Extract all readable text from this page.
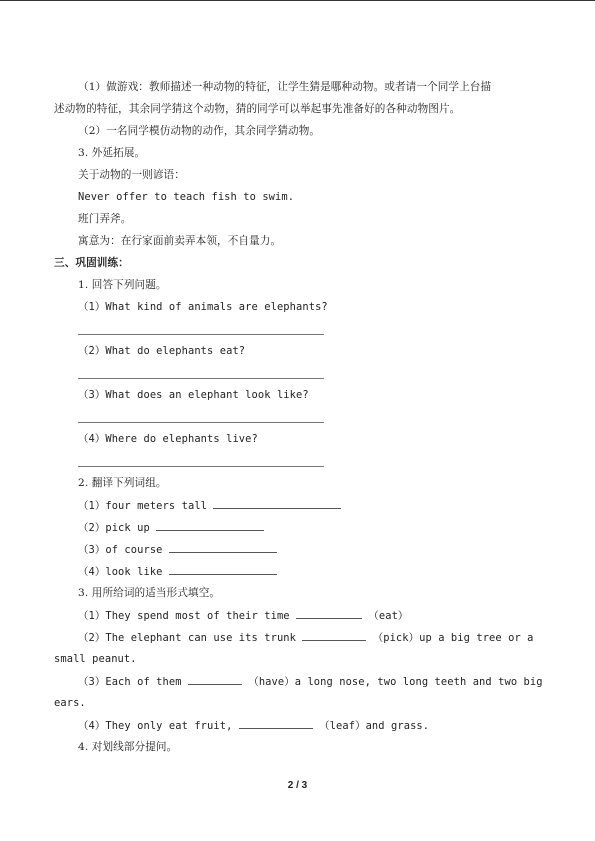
（1）做游戏：教师描述一种动物的特征，让学生猜是哪种动物。或者请一个同学上台描
述动物的特征，其余同学猜这个动物，猜的同学可以举起事先准备好的各种动物图片。
（2）一名同学模仿动物的动作，其余同学猜动物。
3. 外延拓展。
关于动物的一则谚语：
Never offer to teach fish to swim.
班门弄斧。
寓意为：在行家面前卖弄本领，不自量力。
三、巩固训练：
1. 回答下列问题。
（1）What kind of animals are elephants?
（2）What do elephants eat?
（3）What does an elephant look like?
（4）Where do elephants live?
2. 翻译下列词组。
（1）four meters tall
（2）pick up
（3）of course
（4）look like
3. 用所给词的适当形式填空。
（1）They spend most of their time	（eat）
（2）The elephant can use its trunk	（pick）up a big tree or a
small peanut.
（3）Each of them	（have）a long nose, two long teeth and two big
ears.
（4）They only eat fruit,	（leaf）and grass.
4. 对划线部分提问。
2 / 3
